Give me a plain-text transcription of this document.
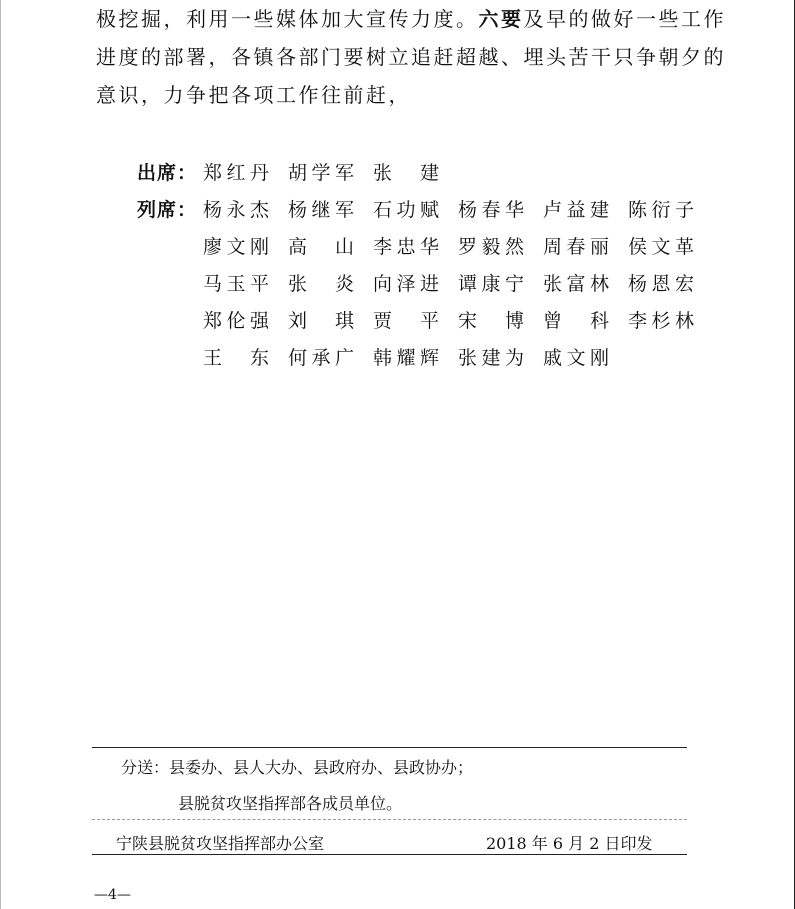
极挖掘，利用一些媒体加大宣传力度。六要及早的做好一些工作
进度的部署，各镇各部门要树立追赶超越、埋头苦干只争朝夕的
意识，力争把各项工作往前赶，
出席： 郑红丹 胡学军 张　建
列席： 杨永杰 杨继军 石功赋 杨春华 卢益建 陈衍子
廖文刚 高　山 李忠华 罗毅然 周春丽 侯文革
马玉平 张　炎 向泽进 谭康宁 张富林 杨恩宏
郑伦强 刘　琪 贾　平 宋　博 曾　科 李杉林
王　东 何承广 韩耀辉 张建为 戚文刚
分送：县委办、县人大办、县政府办、县政协办；
县脱贫攻坚指挥部各成员单位。
宁陕县脱贫攻坚指挥部办公室	2018 年 6 月 2 日印发
—4—
